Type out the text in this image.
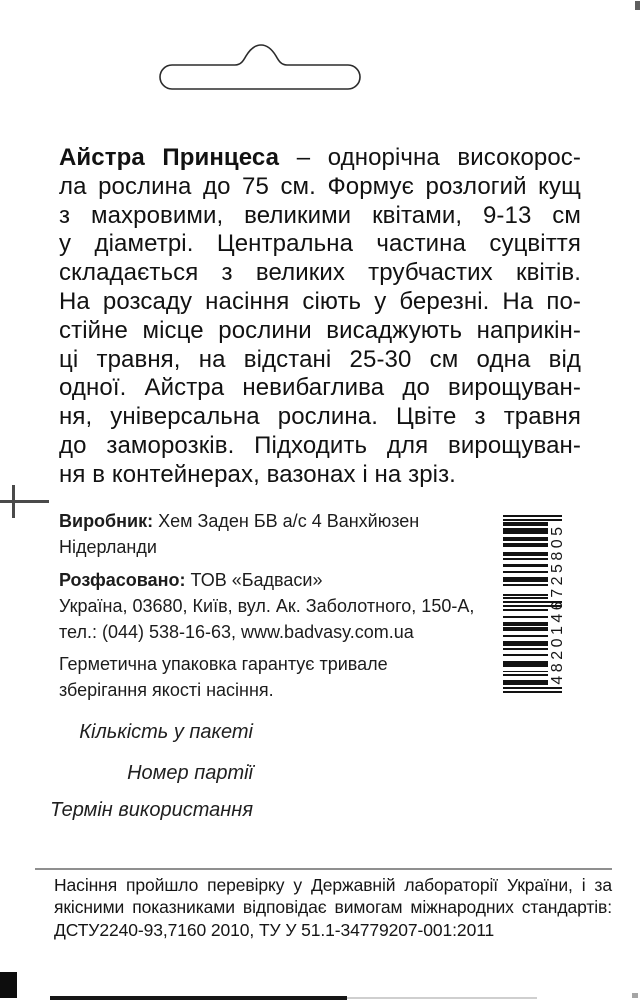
Айстра Принцеса – однорічна високорос-
ла рослина до 75 см. Формує розлогий кущ
з махровими, великими квітами, 9-13 см
у діаметрі. Центральна частина суцвіття
складається з великих трубчастих квітів.
На розсаду насіння сіють у березні. На по-
стійне місце рослини висаджують наприкін-
ці травня, на відстані 25-30 см одна від
одної. Айстра невибаглива до вирощуван-
ня, універсальна рослина. Цвіте з травня
до заморозків. Підходить для вирощуван-
ня в контейнерах, вазонах і на зріз.
Виробник: Хем Заден БВ а/с 4 Ванхйюзен
Нідерланди
Розфасовано: ТОВ «Бадваси»
Україна, 03680, Київ, вул. Ак. Заболотного, 150-А,
тел.: (044) 538-16-63, www.badvasy.com.ua
Герметична упаковка гарантує тривале
зберігання якості насіння.
4820146725805
Кількість у пакеті
Номер партії
Термін використання
Насіння пройшло перевірку у Державній лабораторії України, і за
якісними показниками відповідає вимогам міжнародних стандартів:
ДСТУ2240-93,7160 2010, ТУ У 51.1-34779207-001:2011
